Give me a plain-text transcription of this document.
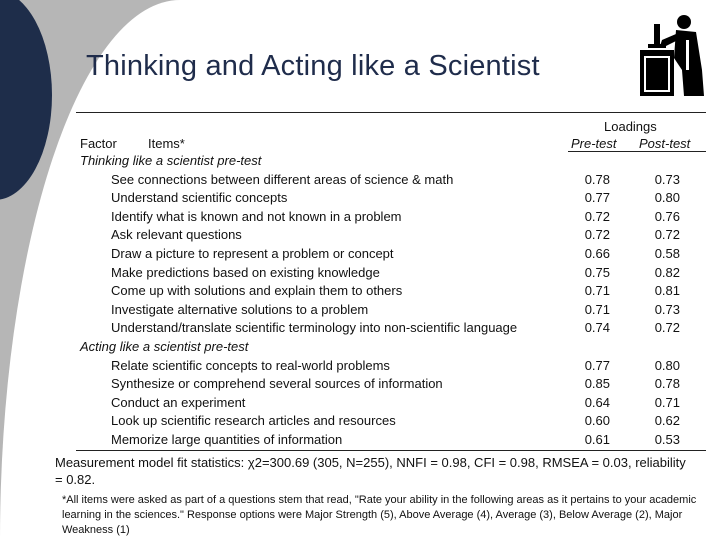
Thinking and Acting like a Scientist
Loadings
Factor Items*	Pre-test Post-test
Thinking like a scientist pre-test
See connections between different areas of science & math	0.78	0.73
Understand scientific concepts	0.77	0.80
Identify what is known and not known in a problem	0.72	0.76
Ask relevant questions	0.72	0.72
Draw a picture to represent a problem or concept	0.66	0.58
Make predictions based on existing knowledge	0.75	0.82
Come up with solutions and explain them to others	0.71	0.81
Investigate alternative solutions to a problem	0.71	0.73
Understand/translate scientific terminology into non-scientific language	0.74	0.72
Acting like a scientist pre-test
Relate scientific concepts to real-world problems	0.77	0.80
Synthesize or comprehend several sources of information	0.85	0.78
Conduct an experiment	0.64	0.71
Look up scientific research articles and resources	0.60	0.62
Memorize large quantities of information	0.61	0.53
Measurement model fit statistics: χ2=300.69 (305, N=255), NNFI = 0.98, CFI = 0.98, RMSEA = 0.03, reliability = 0.82.
*All items were asked as part of a questions stem that read, "Rate your ability in the following areas as it pertains to your academic learning in the sciences." Response options were Major Strength (5), Above Average (4), Average (3), Below Average (2), Major Weakness (1)
